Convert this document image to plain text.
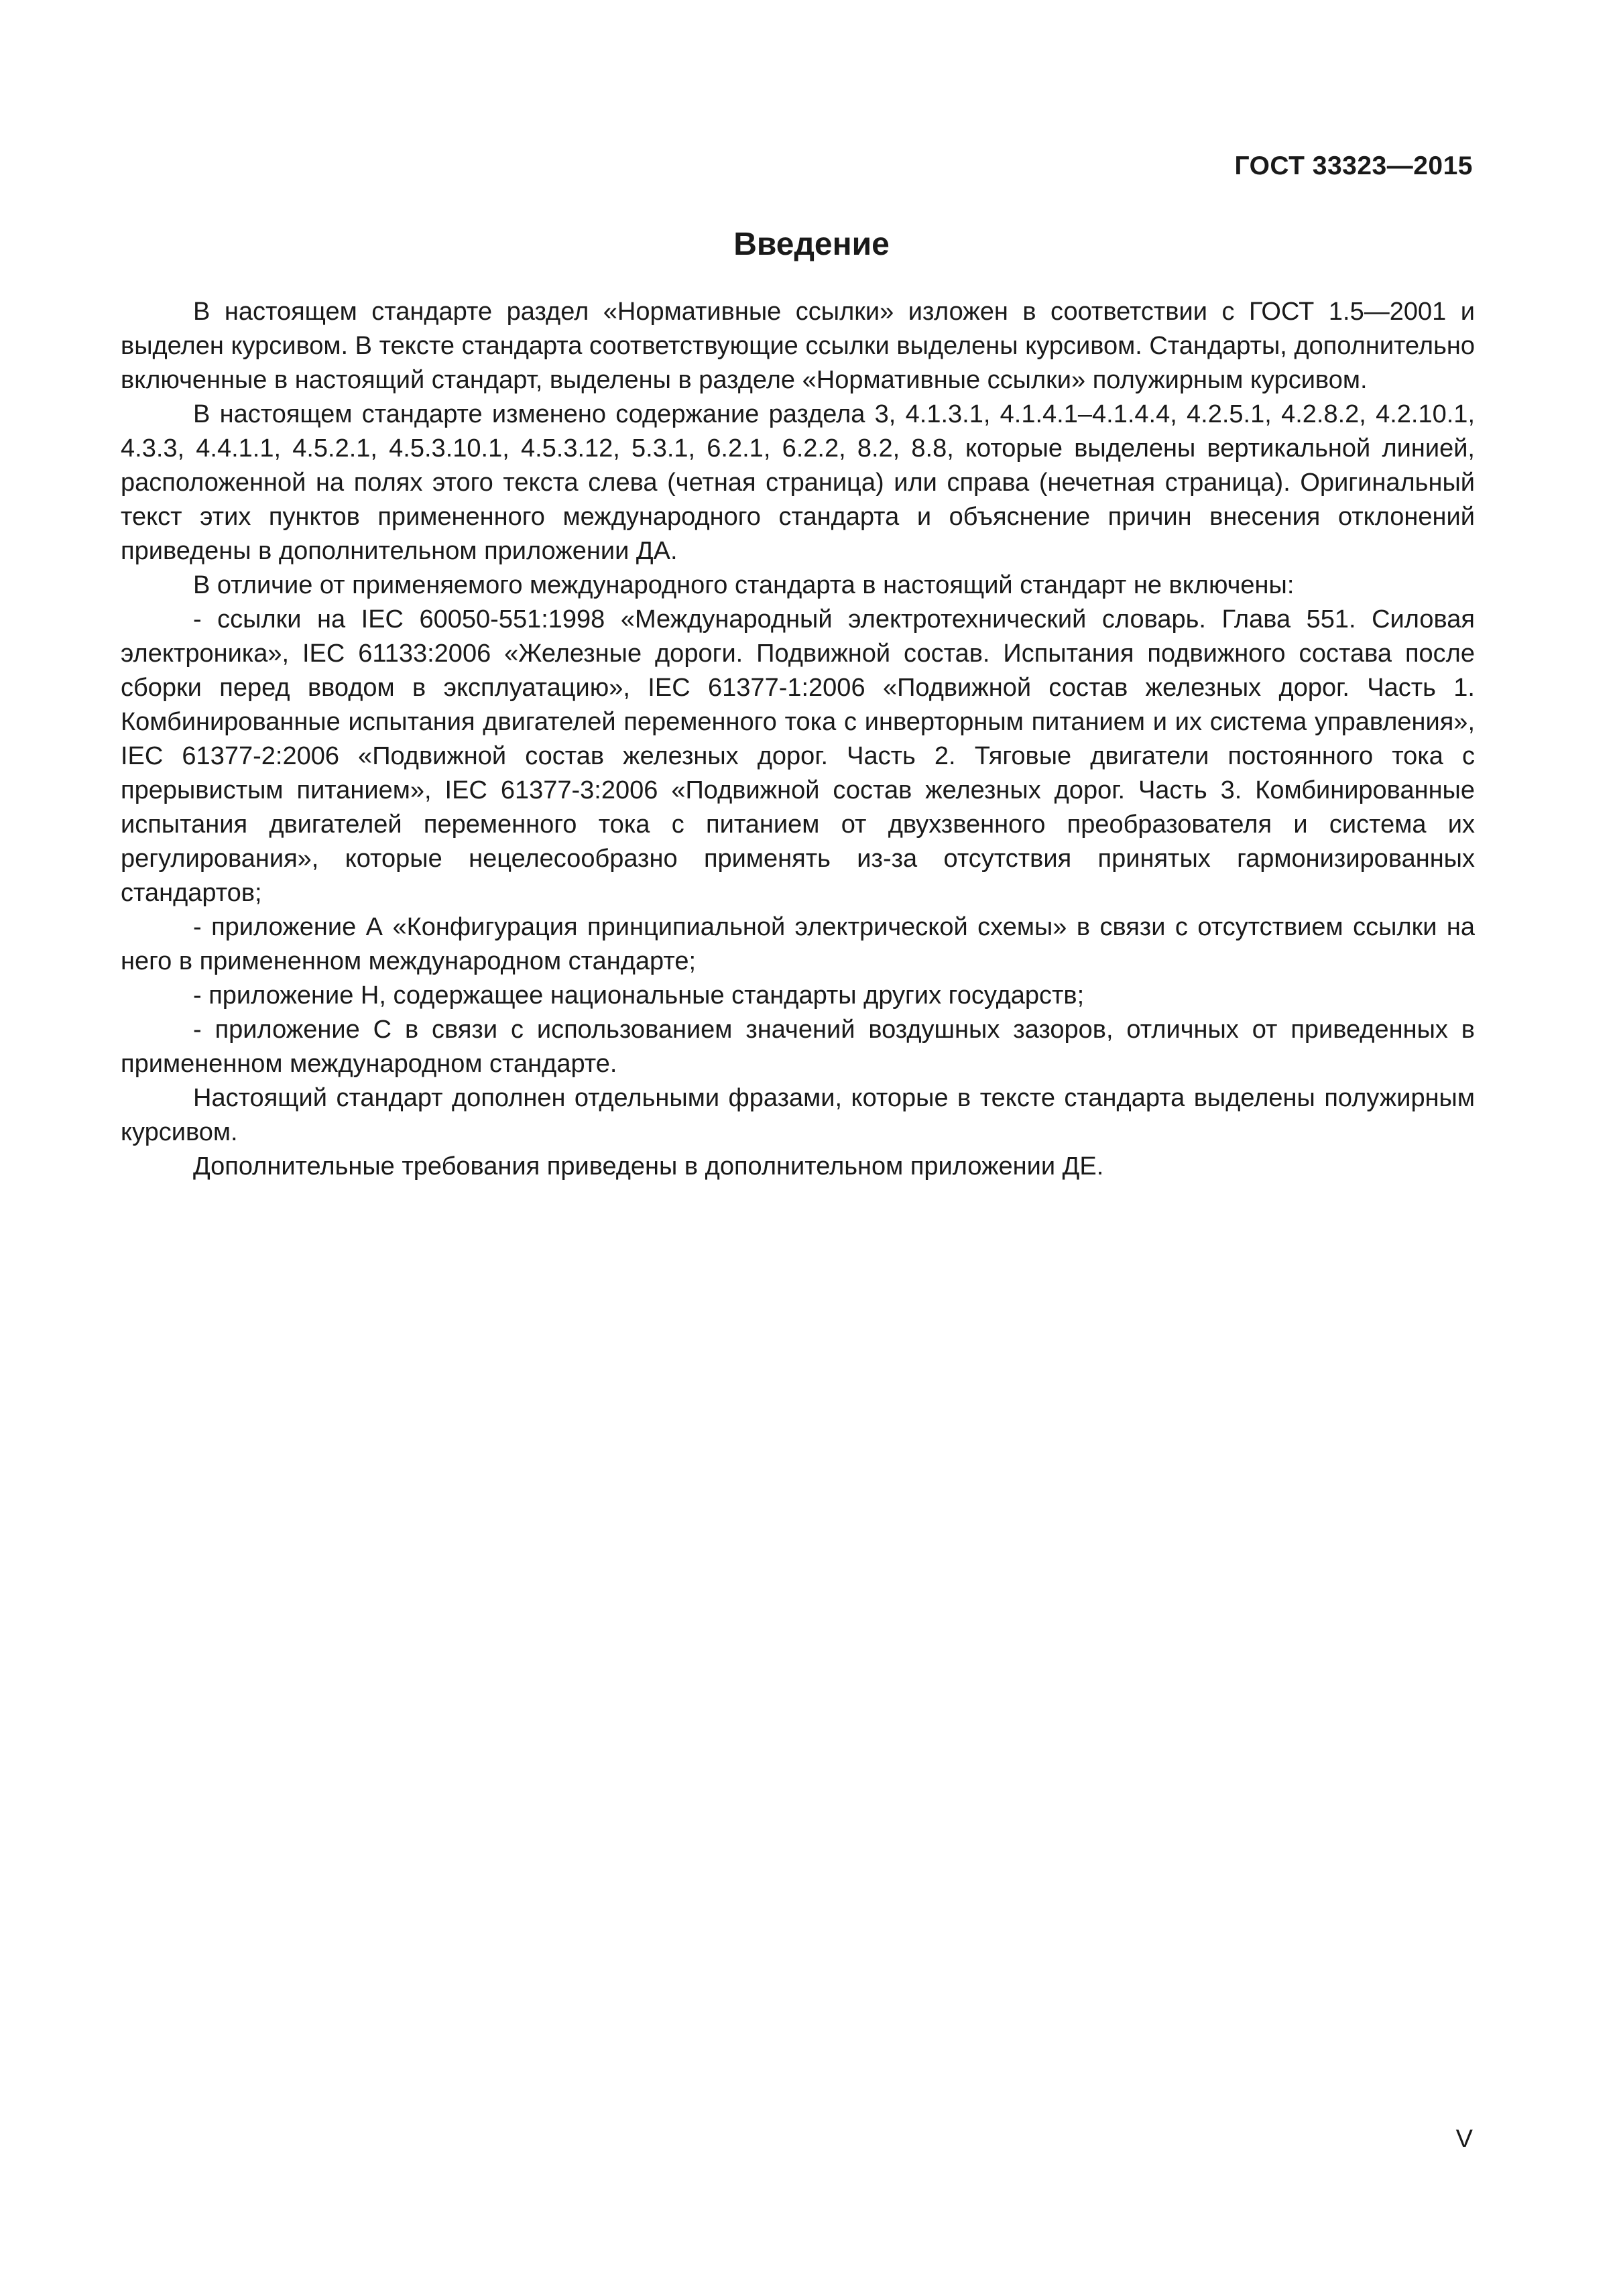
ГОСТ 33323—2015
Введение

В настоящем стандарте раздел «Нормативные ссылки» изложен в соответствии с ГОСТ 1.5—2001 и выделен курсивом. В тексте стандарта соответствующие ссылки выделены курсивом. Стандарты, дополнительно включенные в настоящий стандарт, выделены в разделе «Нормативные ссылки» полужирным курсивом.

В настоящем стандарте изменено содержание раздела 3, 4.1.3.1, 4.1.4.1–4.1.4.4, 4.2.5.1, 4.2.8.2, 4.2.10.1, 4.3.3, 4.4.1.1, 4.5.2.1, 4.5.3.10.1, 4.5.3.12, 5.3.1, 6.2.1, 6.2.2, 8.2, 8.8, которые выделены вертикальной линией, расположенной на полях этого текста слева (четная страница) или справа (нечетная страница). Оригинальный текст этих пунктов примененного международного стандарта и объяснение причин внесения отклонений приведены в дополнительном приложении ДА.

В отличие от применяемого международного стандарта в настоящий стандарт не включены:

- ссылки на IEC 60050-551:1998 «Международный электротехнический словарь. Глава 551. Силовая электроника», IEC 61133:2006 «Железные дороги. Подвижной состав. Испытания подвижного состава после сборки перед вводом в эксплуатацию», IEC 61377-1:2006 «Подвижной состав железных дорог. Часть 1. Комбинированные испытания двигателей переменного тока с инверторным питанием и их система управления», IEC 61377-2:2006 «Подвижной состав железных дорог. Часть 2. Тяговые двигатели постоянного тока с прерывистым питанием», IEC 61377-3:2006 «Подвижной состав железных дорог. Часть 3. Комбинированные испытания двигателей переменного тока с питанием от двухзвенного преобразователя и система их регулирования», которые нецелесообразно применять из-за отсутствия принятых гармонизированных стандартов;

- приложение А «Конфигурация принципиальной электрической схемы» в связи с отсутствием ссылки на него в примененном международном стандарте;

- приложение Н, содержащее национальные стандарты других государств;

- приложение С в связи с использованием значений воздушных зазоров, отличных от приведенных в примененном международном стандарте.

Настоящий стандарт дополнен отдельными фразами, которые в тексте стандарта выделены полужирным курсивом.

Дополнительные требования приведены в дополнительном приложении ДЕ.

V
